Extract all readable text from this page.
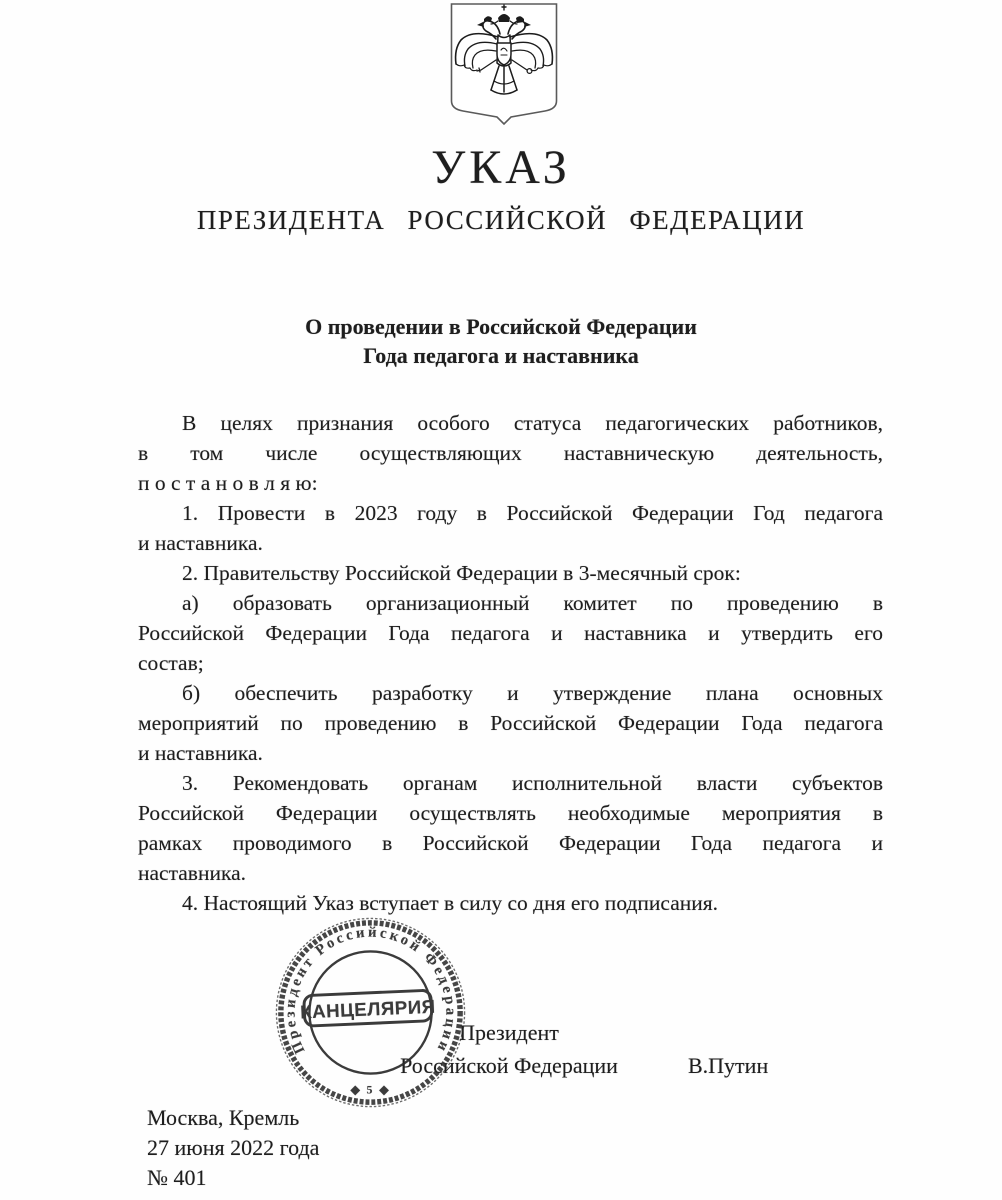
УКАЗ
ПРЕЗИДЕНТА РОССИЙСКОЙ ФЕДЕРАЦИИ
О проведении в Российской Федерации
Года педагога и наставника
В целях признания особого статуса педагогических работников,
в том числе осуществляющих наставническую деятельность,
п о с т а н о в л я ю:
1. Провести в 2023 году в Российской Федерации Год педагога
и наставника.
2. Правительству Российской Федерации в 3-месячный срок:
а) образовать организационный комитет по проведению в
Российской Федерации Года педагога и наставника и утвердить его
состав;
б) обеспечить разработку и утверждение плана основных
мероприятий по проведению в Российской Федерации Года педагога
и наставника.
3. Рекомендовать органам исполнительной власти субъектов
Российской Федерации осуществлять необходимые мероприятия в
рамках проводимого в Российской Федерации Года педагога и
наставника.
4. Настоящий Указ вступает в силу со дня его подписания.
Президент
Российской Федерации	В.Путин
Президент Российской Федерации
◆ 5 ◆
КАНЦЕЛЯРИЯ
Москва, Кремль
27 июня 2022 года
№ 401
